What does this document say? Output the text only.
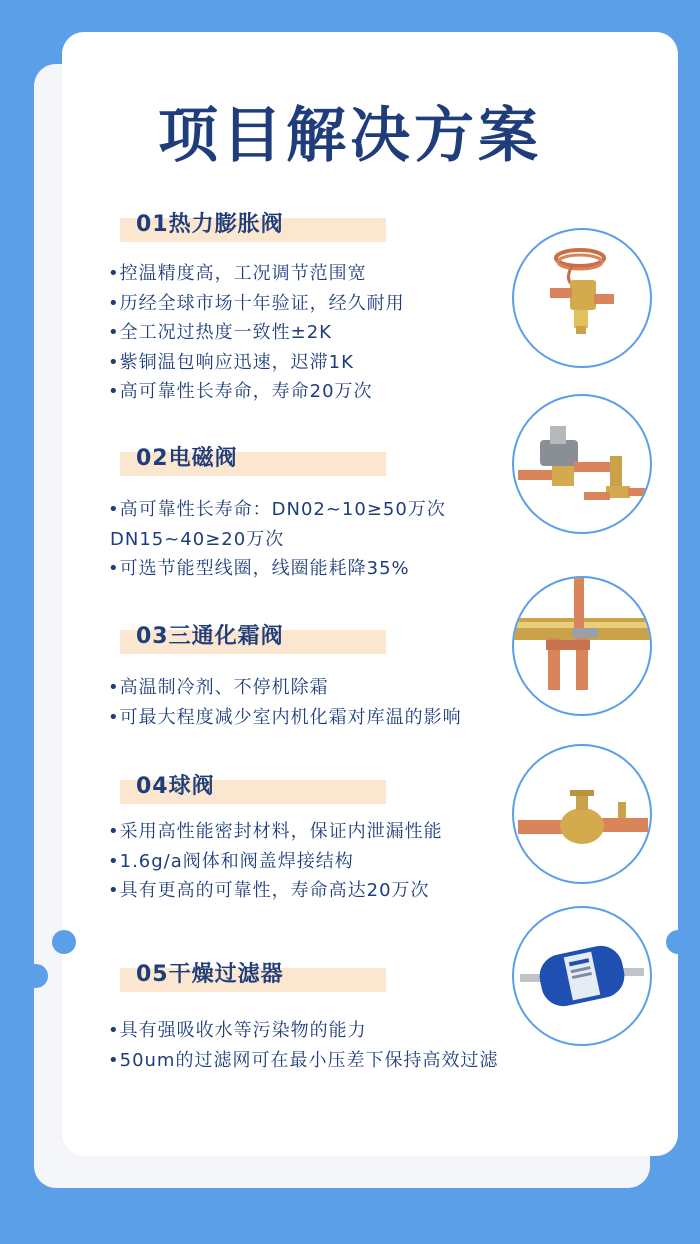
项目解决方案
01热力膨胀阀
•控温精度高，工况调节范围宽
•历经全球市场十年验证，经久耐用
•全工况过热度一致性±2K
•紫铜温包响应迅速，迟滞1K
•高可靠性长寿命，寿命20万次
02电磁阀
•高可靠性长寿命：DN02~10≥50万次
DN15~40≥20万次
•可选节能型线圈，线圈能耗降35%
03三通化霜阀
•高温制冷剂、不停机除霜
•可最大程度减少室内机化霜对库温的影响
04球阀
•采用高性能密封材料，保证内泄漏性能
•1.6g/a阀体和阀盖焊接结构
•具有更高的可靠性，寿命高达20万次
05干燥过滤器
•具有强吸收水等污染物的能力
•50um的过滤网可在最小压差下保持高效过滤
